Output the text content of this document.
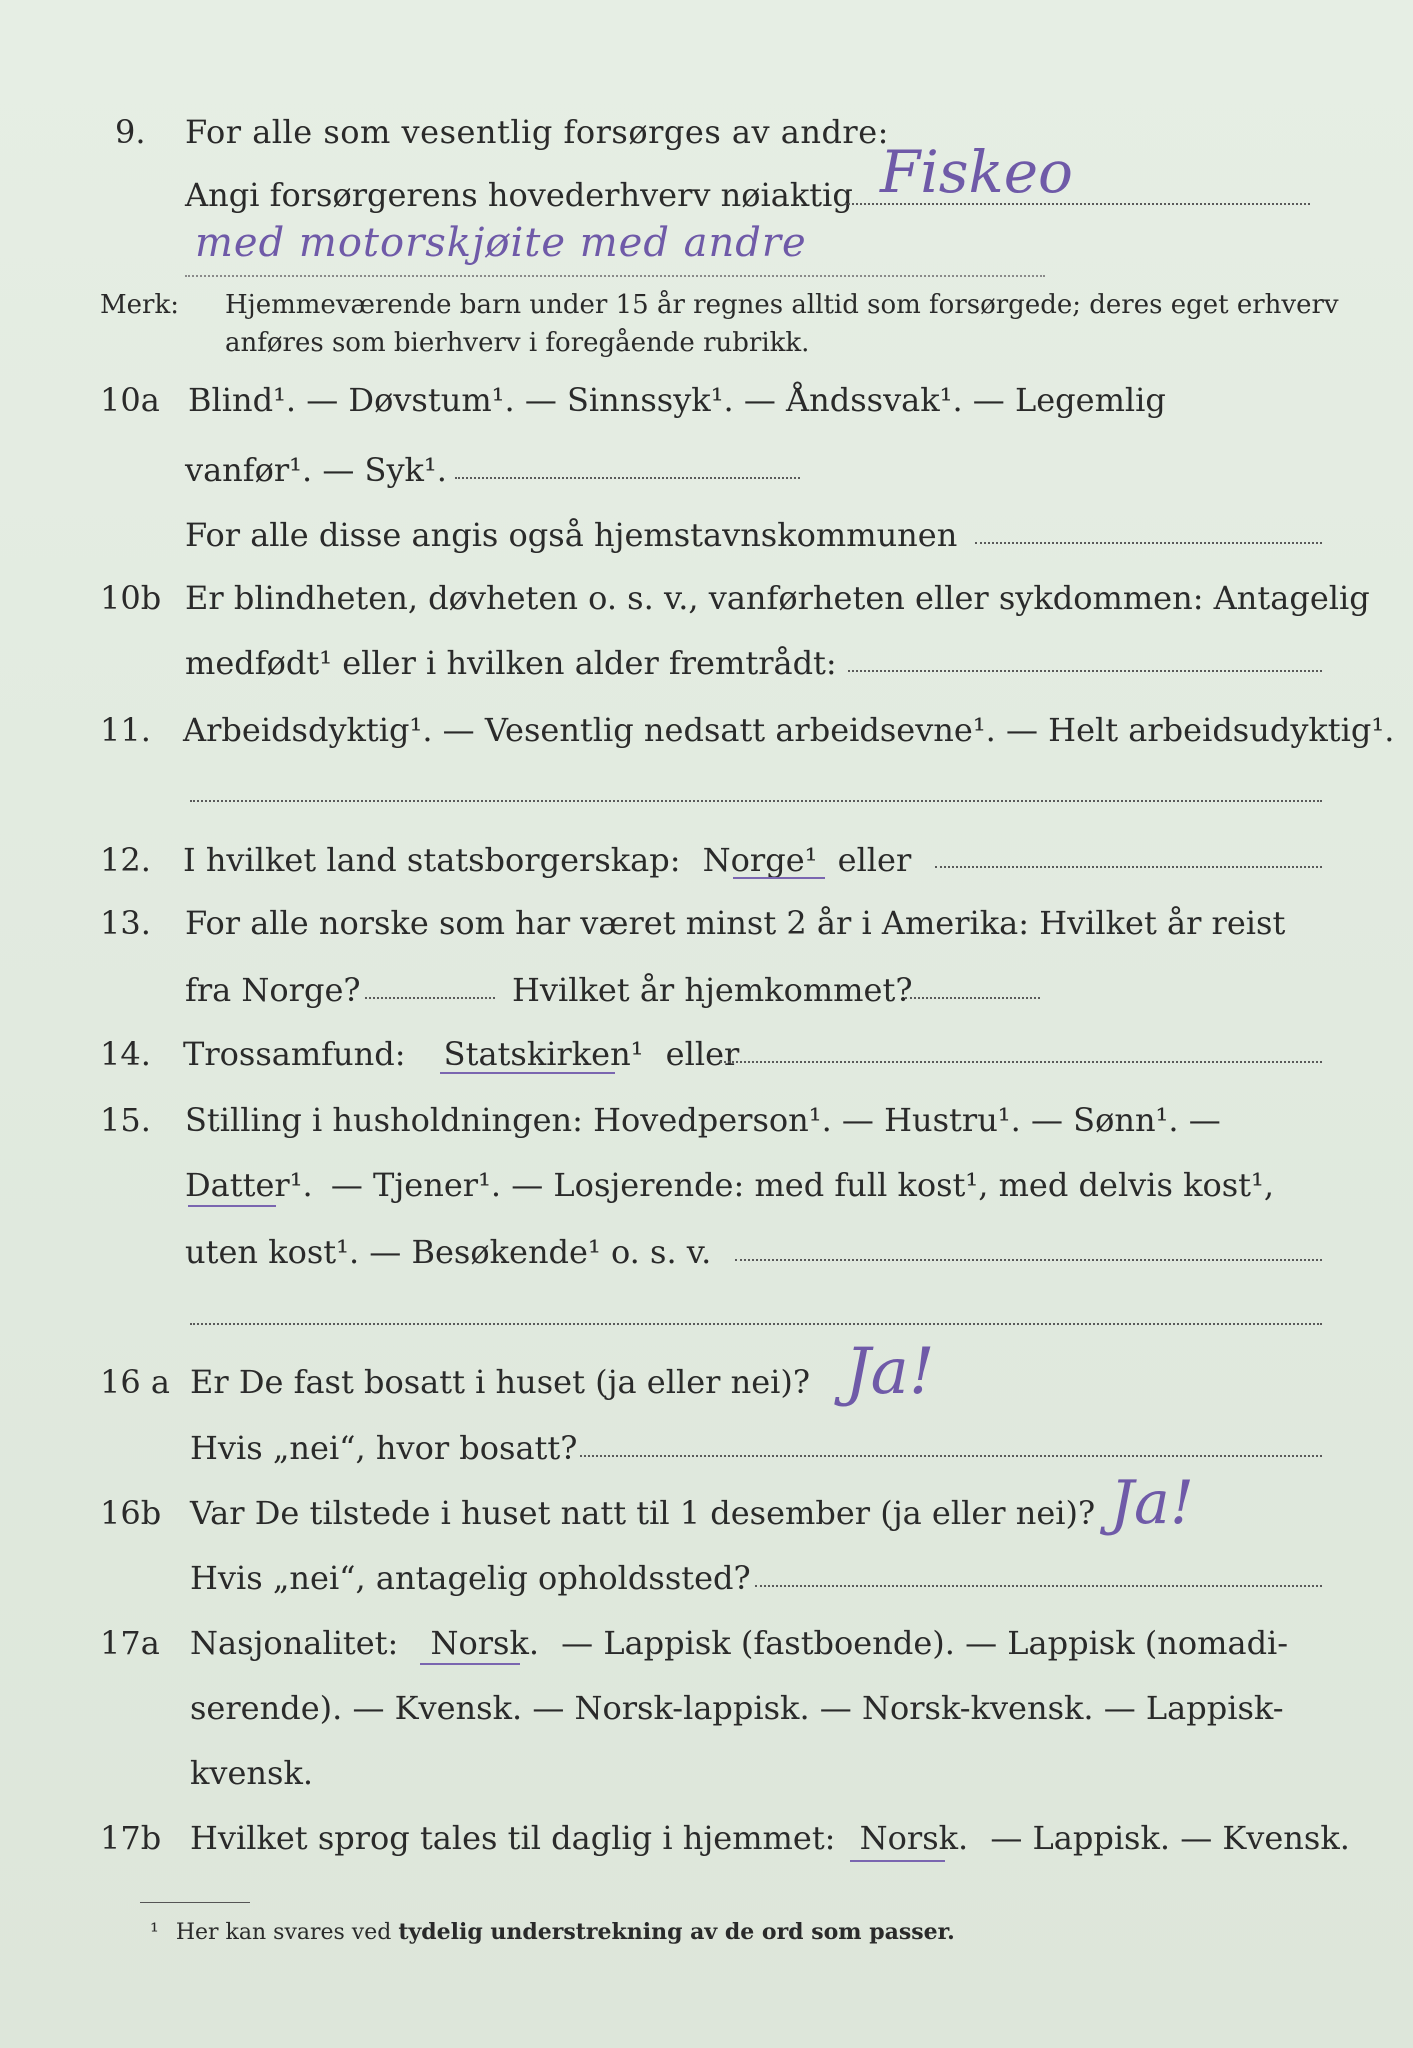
9. For alle som vesentlig forsørges av andre:
Angi forsørgerens hovederhverv nøiaktig Fiskeo
med motorskjøite med andre
Merk: Hjemmeværende barn under 15 år regnes alltid som forsørgede; deres eget erhverv
anføres som bierhverv i foregående rubrikk.
10a Blind¹. — Døvstum¹. — Sinnssyk¹. — Åndssvak¹. — Legemlig
vanfør¹. — Syk¹.
For alle disse angis også hjemstavnskommunen
10b Er blindheten, døvheten o. s. v., vanførheten eller sykdommen: Antagelig
medfødt¹ eller i hvilken alder fremtrådt:
11. Arbeidsdyktig¹. — Vesentlig nedsatt arbeidsevne¹. — Helt arbeidsudyktig¹.
12. I hvilket land statsborgerskap: Norge¹ eller
13. For alle norske som har været minst 2 år i Amerika: Hvilket år reist
fra Norge?	Hvilket år hjemkommet?
14. Trossamfund: Statskirken¹ eller
15. Stilling i husholdningen: Hovedperson¹. — Hustru¹. — Sønn¹. —
Datter¹. — Tjener¹. — Losjerende: med full kost¹, med delvis kost¹,
uten kost¹. — Besøkende¹ o. s. v.
16 a Er De fast bosatt i huset (ja eller nei)? Ja!
Hvis „nei“, hvor bosatt?
16b Var De tilstede i huset natt til 1 desember (ja eller nei)? Ja!
Hvis „nei“, antagelig opholdssted?
17a Nasjonalitet: Norsk. — Lappisk (fastboende). — Lappisk (nomadi-
serende). — Kvensk. — Norsk-lappisk. — Norsk-kvensk. — Lappisk-
kvensk.
17b Hvilket sprog tales til daglig i hjemmet: Norsk. — Lappisk. — Kvensk.
¹ Her kan svares ved tydelig understrekning av de ord som passer.
